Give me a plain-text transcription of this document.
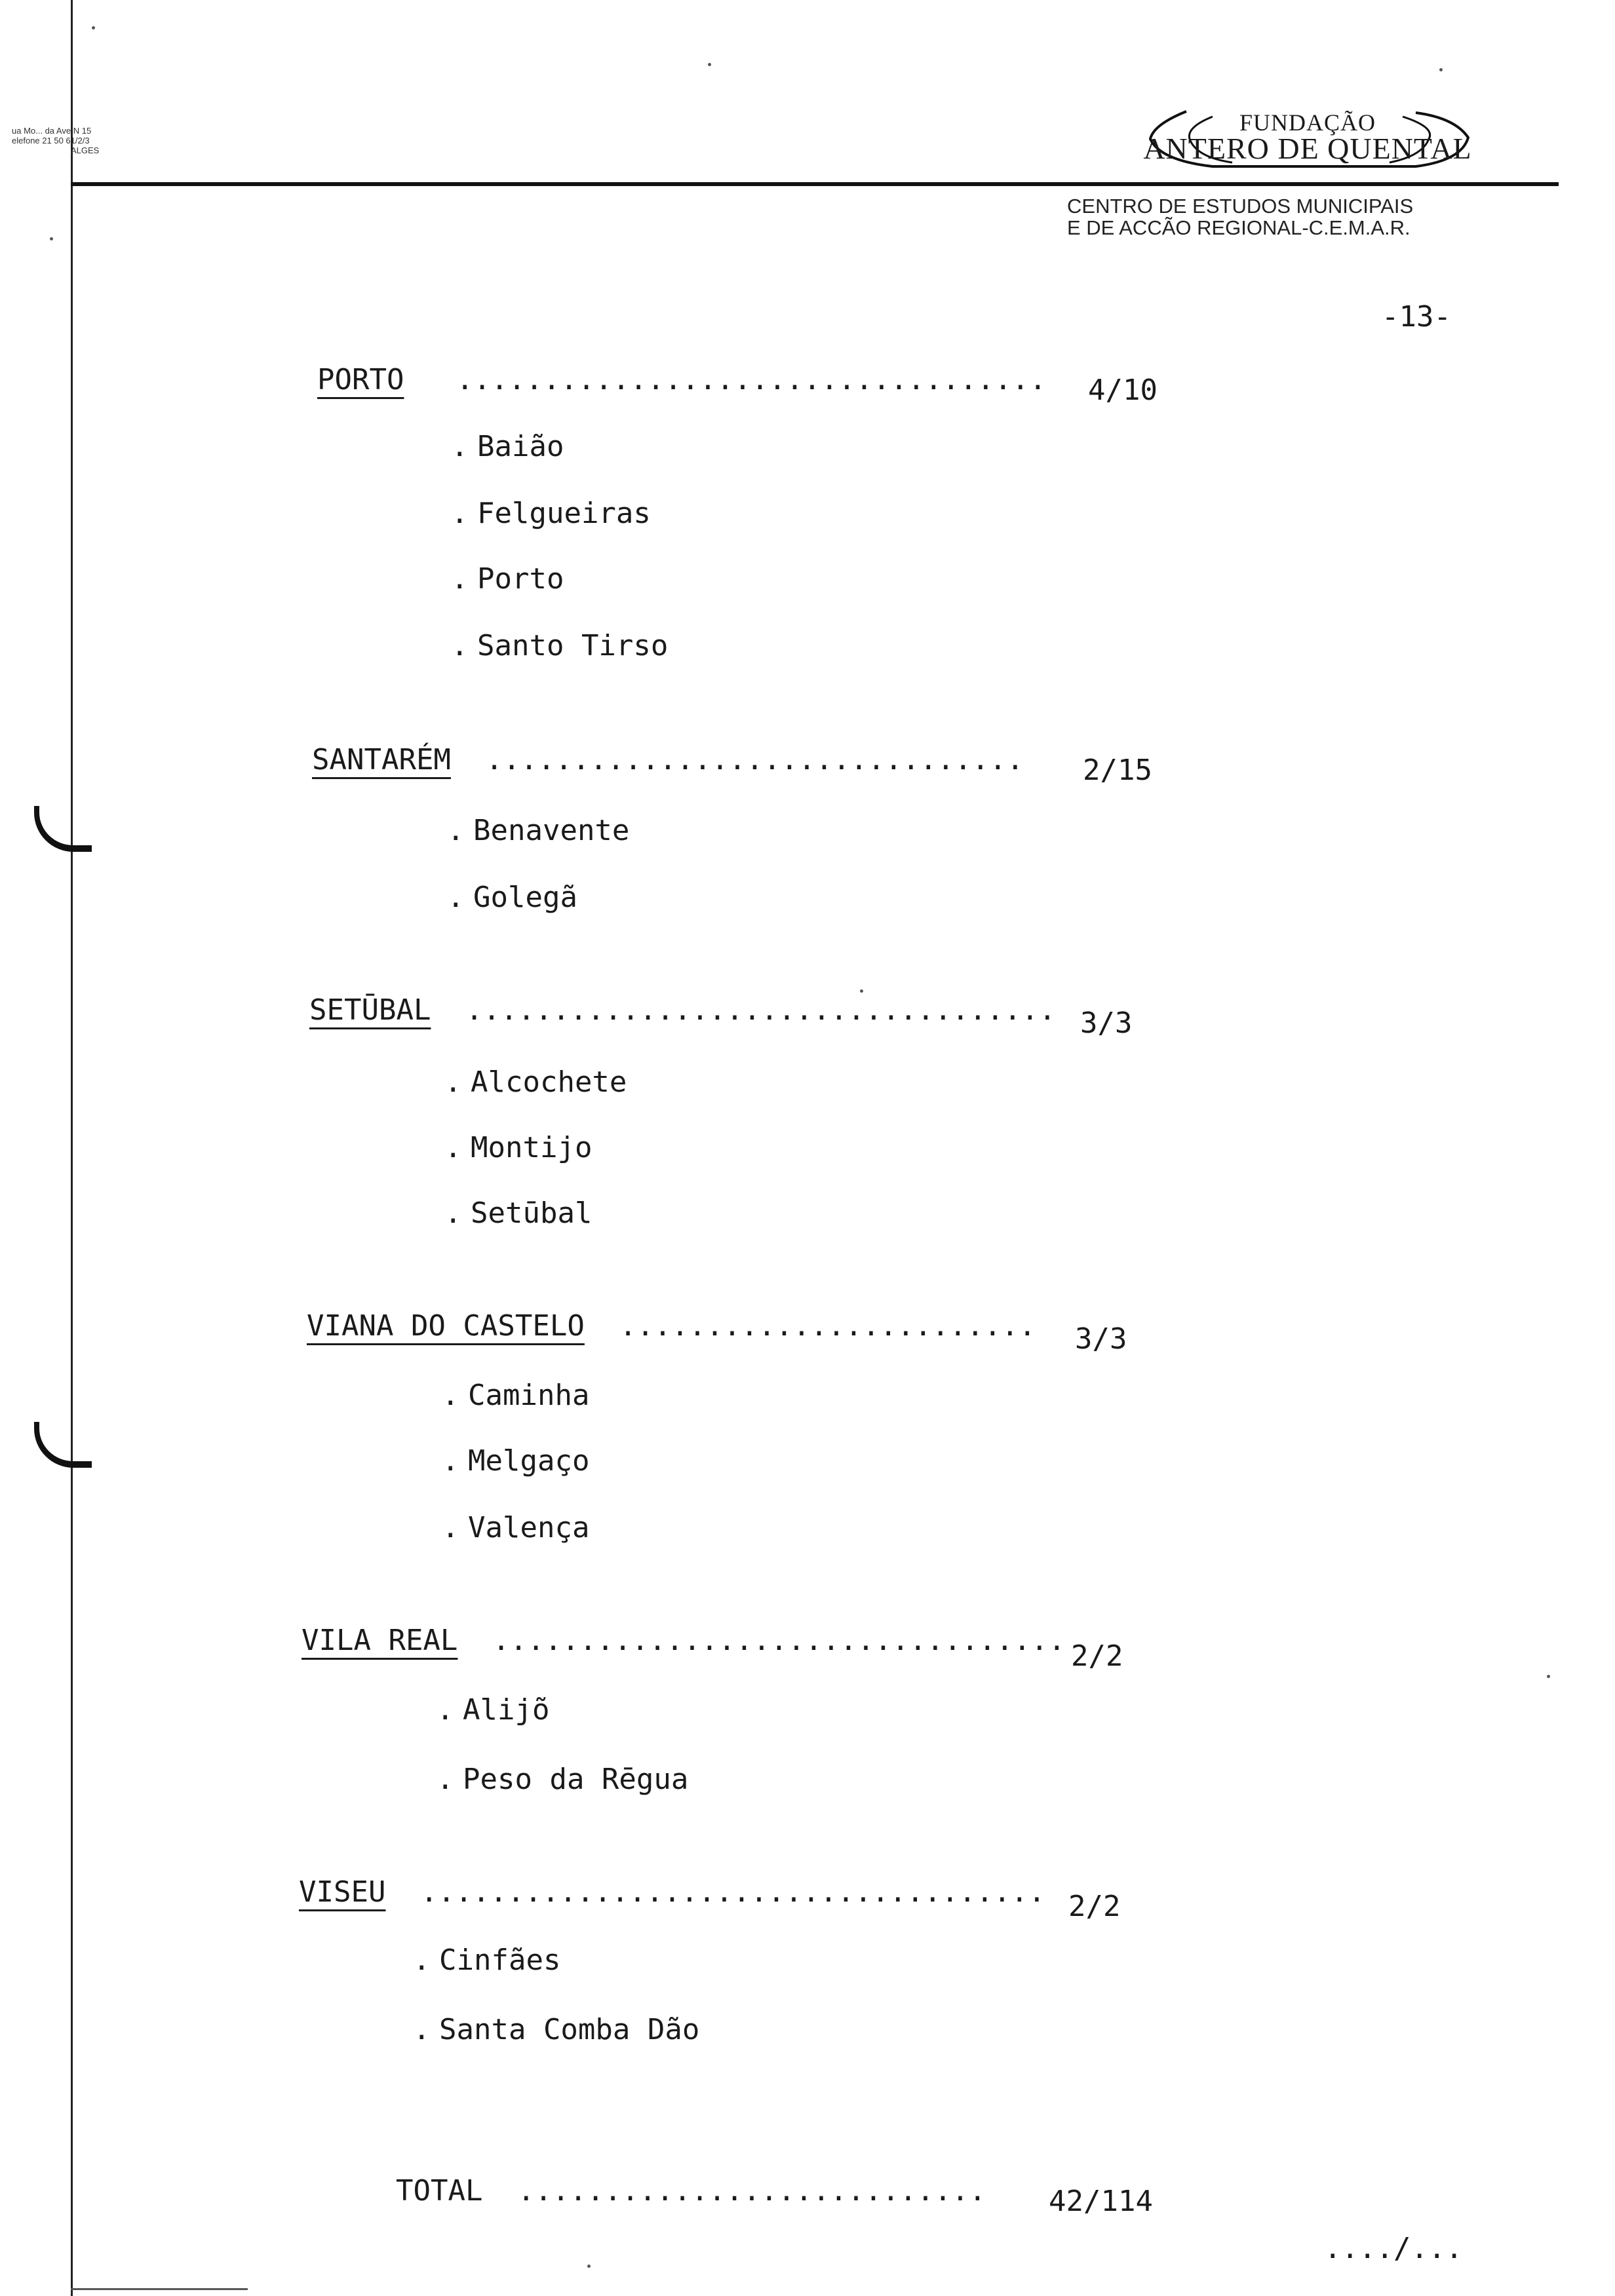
ua Mo... da Ave N 15
elefone 21 50 61/2/3
ALGES
FUNDAÇÃO
ANTERO DE QUENTAL
CENTRO DE ESTUDOS MUNICIPAIS
E DE ACCÃO REGIONAL-C.E.M.A.R.
-13-
PORTO .................................. 4/10
. Baião
. Felgueiras
. Porto
. Santo Tirso
SANTARÉM ............................... 2/15
. Benavente
. Golegã
SETŪBAL .................................. 3/3
. Alcochete
. Montijo
. Setūbal
VIANA DO CASTELO ........................ 3/3
. Caminha
. Melgaço
. Valença
VILA REAL ................................. 2/2
. Alijõ
. Peso da Rēgua
VISEU .................................... 2/2
. Cinfães
. Santa Comba Dão
TOTAL ........................... 42/114
..../...
